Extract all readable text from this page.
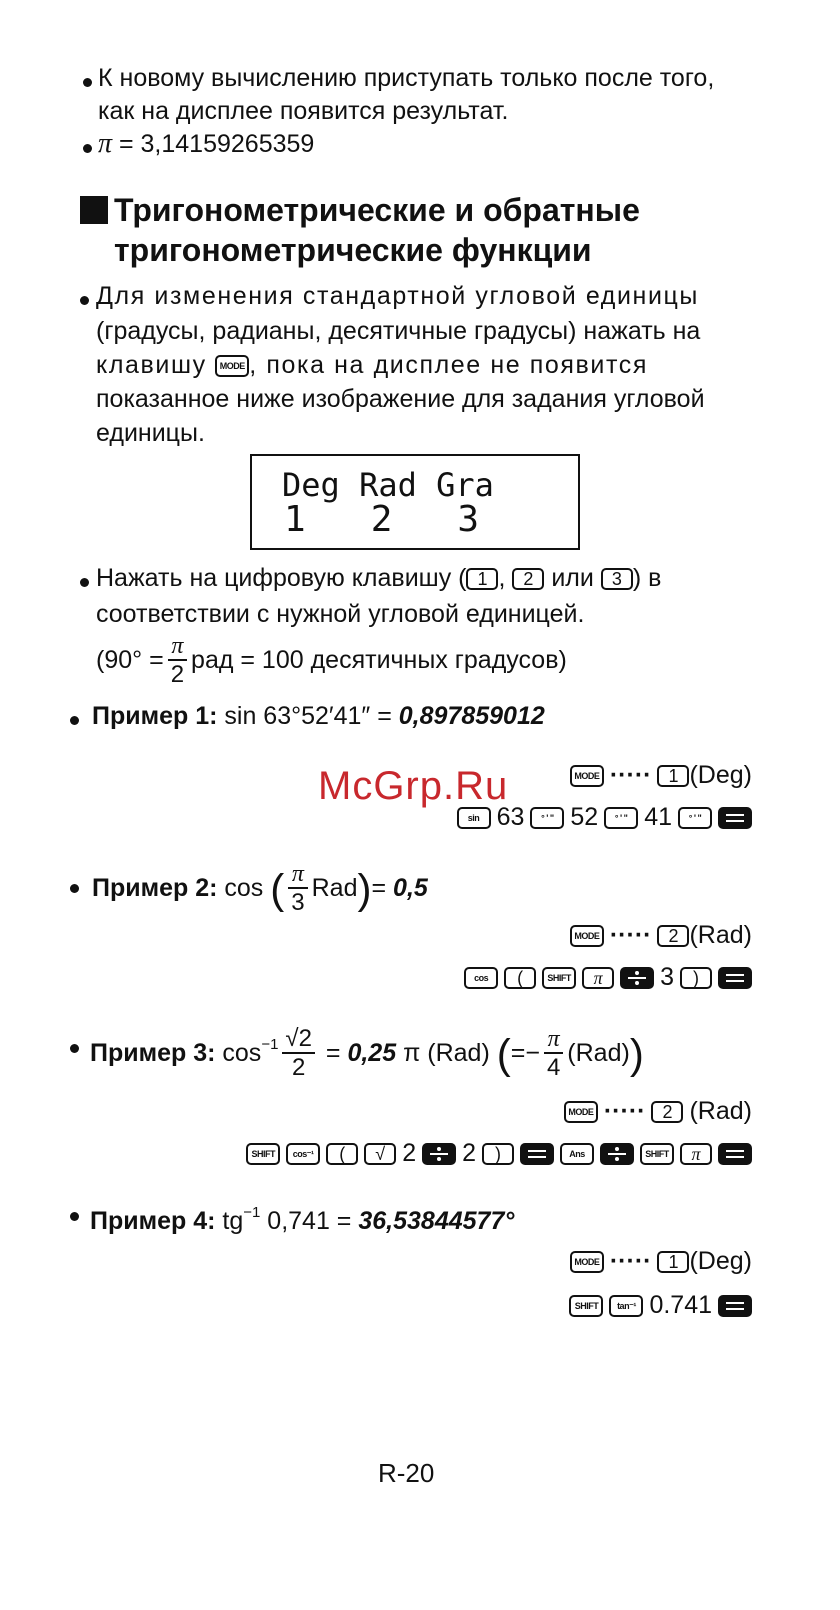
К новому вычислению приступать только после того,
как на дисплее появится результат.
π = 3,14159265359
Тригонометрические и обратные
тригонометрические функции
Для изменения стандартной угловой единицы
(градусы, радианы, десятичные градусы) нажать на
клавишу MODE , пока на дисплее не появится
показанное ниже изображение для задания угловой
единицы.
Deg Rad Gra
1   2   3
Нажать на цифровую клавишу ( 1 , 2 или 3 ) в
соответствии с нужной угловой единицей.
($90^\circ = \frac{\pi}{2}$ рад = 100 десятичных градусов)
Пример 1: sin 63°52′41″ = 0,897859012
MODE ····· 1 (Deg)
McGrp.Ru
sin 63 ° ' " 52 ° ' " 41 ° ' "
Пример 2: cos ( $\frac{\pi}{3} Rad)= 0,5$
MODE ····· 2 (Rad)
cos (	SHIFT π 3 )
Пример 3: $\cos^{-1} \frac{√2}{2} = 0,25$ π (Rad) (=− $\frac{\pi}{4} (Rad)$)
MODE ····· 2 (Rad)
SHIFT cos⁻¹ ( √ 2 2 )	Ans	SHIFT π
Пример 4: $tg^{-1}$ 0,741 = 36,53844577°
MODE ····· 1 (Deg)
SHIFT tan⁻¹ 0.741
R-20
